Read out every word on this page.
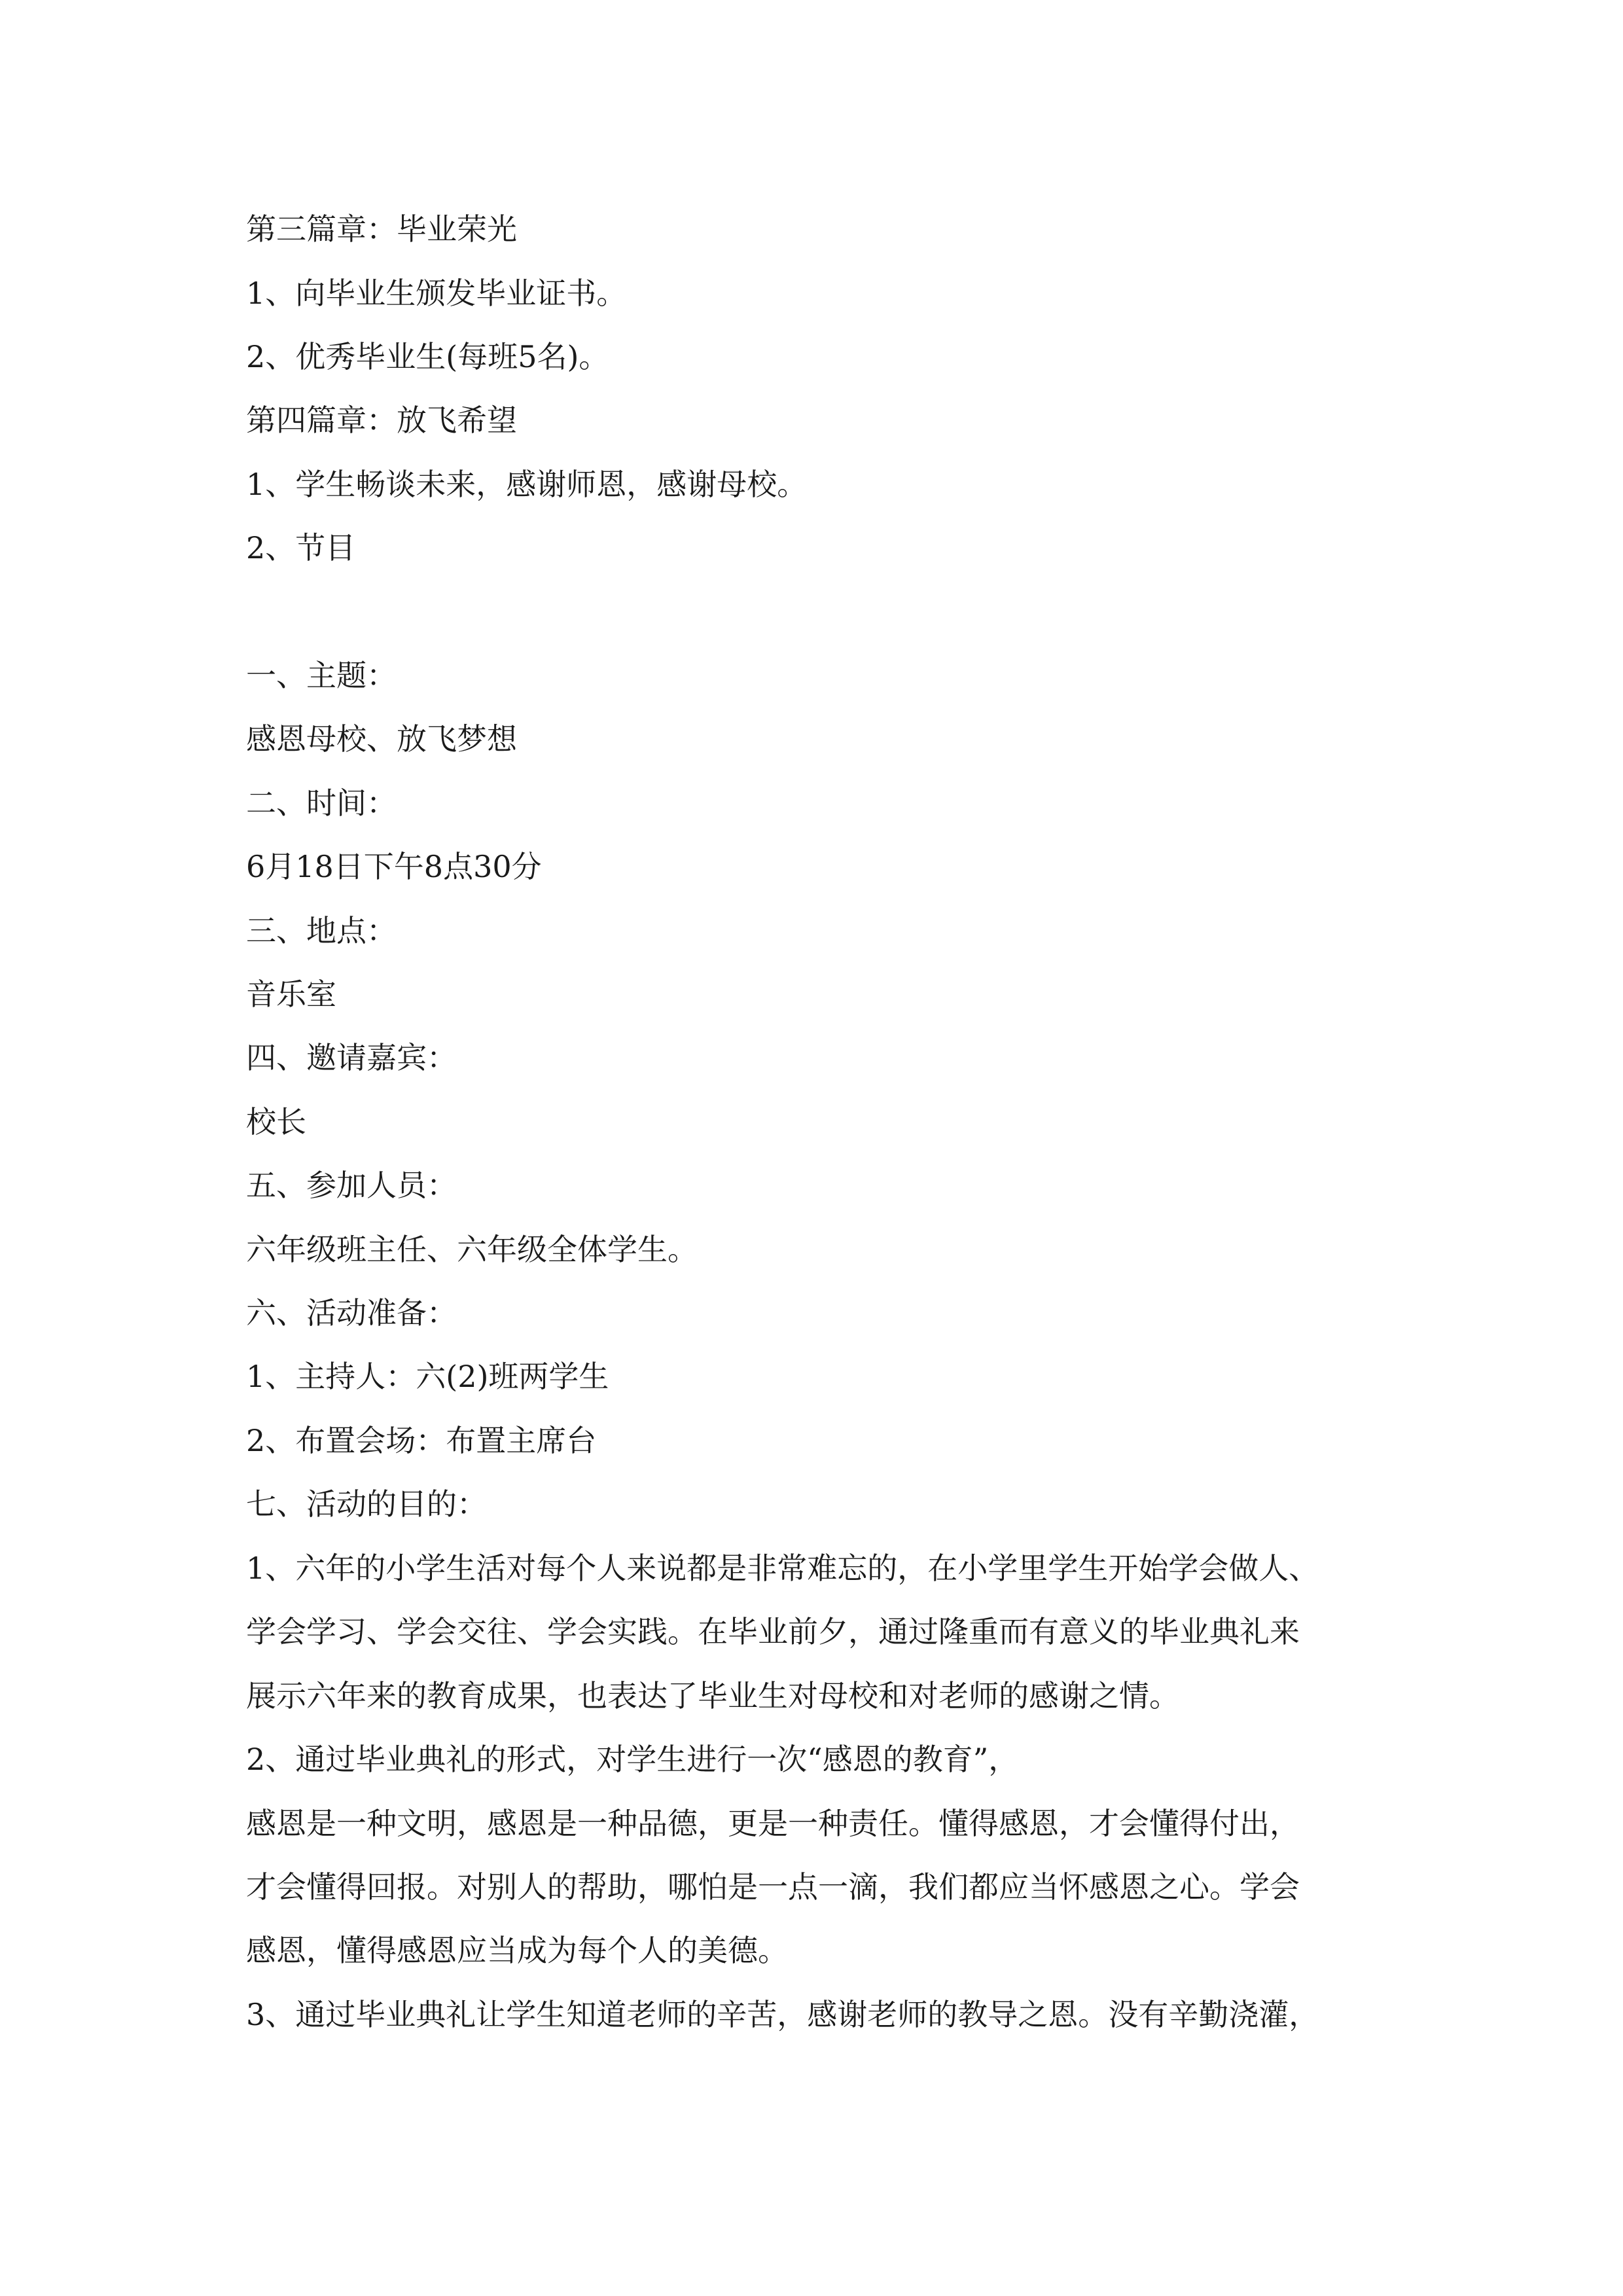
第三篇章：毕业荣光
1、向毕业生颁发毕业证书。
2、优秀毕业生(每班5名)。
第四篇章：放飞希望
1、学生畅谈未来，感谢师恩，感谢母校。
2、节目
一、主题：
感恩母校、放飞梦想
二、时间：
6月18日下午8点30分
三、地点：
音乐室
四、邀请嘉宾：
校长
五、参加人员：
六年级班主任、六年级全体学生。
六、活动准备：
1、主持人：六(2)班两学生
2、布置会场：布置主席台
七、活动的目的：
1、六年的小学生活对每个人来说都是非常难忘的，在小学里学生开始学会做人、
学会学习、学会交往、学会实践。在毕业前夕，通过隆重而有意义的毕业典礼来
展示六年来的教育成果，也表达了毕业生对母校和对老师的感谢之情。
2、通过毕业典礼的形式，对学生进行一次“感恩的教育”，
感恩是一种文明，感恩是一种品德，更是一种责任。懂得感恩，才会懂得付出，
才会懂得回报。对别人的帮助，哪怕是一点一滴，我们都应当怀感恩之心。学会
感恩，懂得感恩应当成为每个人的美德。
3、通过毕业典礼让学生知道老师的辛苦，感谢老师的教导之恩。没有辛勤浇灌，
